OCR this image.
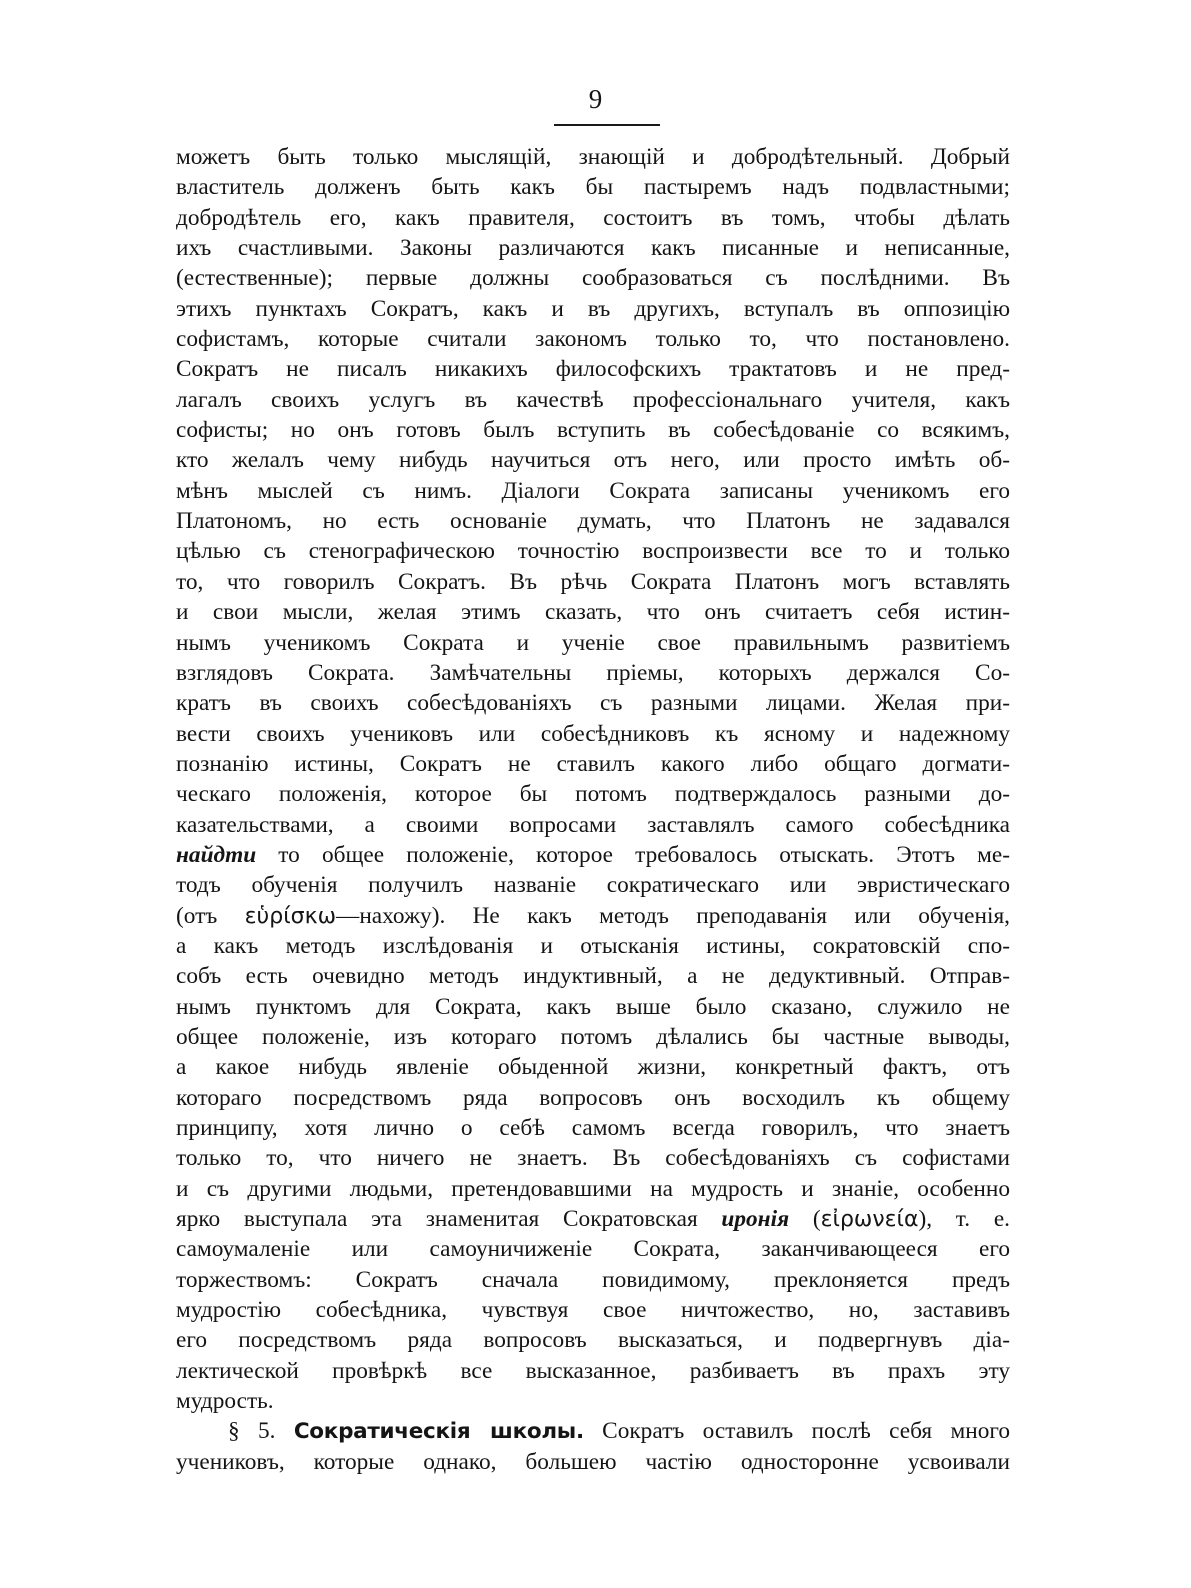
9
можетъ быть только мыслящій, знающій и добродѣтельный. Добрый
властитель долженъ быть какъ бы пастыремъ надъ подвластными;
добродѣтель его, какъ правителя, состоитъ въ томъ, чтобы дѣлать
ихъ счастливыми. Законы различаются какъ писанные и неписанные,
(естественные); первые должны сообразоваться съ послѣдними. Въ
этихъ пунктахъ Сократъ, какъ и въ другихъ, вступалъ въ оппозицію
софистамъ, которые считали закономъ только то, что постановлено.
Сократъ не писалъ никакихъ философскихъ трактатовъ и не пред-
лагалъ своихъ услугъ въ качествѣ профессіональнаго учителя, какъ
софисты; но онъ готовъ былъ вступить въ собесѣдованіе со всякимъ,
кто желалъ чему нибудь научиться отъ него, или просто имѣть об-
мѣнъ мыслей съ нимъ. Діалоги Сократа записаны ученикомъ его
Платономъ, но есть основаніе думать, что Платонъ не задавался
цѣлью съ стенографическою точностію воспроизвести все то и только
то, что говорилъ Сократъ. Въ рѣчь Сократа Платонъ могъ вставлять
и свои мысли, желая этимъ сказать, что онъ считаетъ себя истин-
нымъ ученикомъ Сократа и ученіе свое правильнымъ развитіемъ
взглядовъ Сократа. Замѣчательны пріемы, которыхъ держался Со-
кратъ въ своихъ собесѣдованіяхъ съ разными лицами. Желая при-
вести своихъ учениковъ или собесѣдниковъ къ ясному и надежному
познанію истины, Сократъ не ставилъ какого либо общаго догмати-
ческаго положенія, которое бы потомъ подтверждалось разными до-
казательствами, а своими вопросами заставлялъ самого собесѣдника
найдти то общее положеніе, которое требовалось отыскать. Этотъ ме-
тодъ обученія получилъ названіе сократическаго или эвристическаго
(отъ εὑρίσκω—нахожу). Не какъ методъ преподаванія или обученія,
а какъ методъ изслѣдованія и отысканія истины, сократовскій спо-
собъ есть очевидно методъ индуктивный, а не дедуктивный. Отправ-
нымъ пунктомъ для Сократа, какъ выше было сказано, служило не
общее положеніе, изъ котораго потомъ дѣлались бы частные выводы,
а какое нибудь явленіе обыденной жизни, конкретный фактъ, отъ
котораго посредствомъ ряда вопросовъ онъ восходилъ къ общему
принципу, хотя лично о себѣ самомъ всегда говорилъ, что знаетъ
только то, что ничего не знаетъ. Въ собесѣдованіяхъ съ софистами
и съ другими людьми, претендовавшими на мудрость и знаніе, особенно
ярко выступала эта знаменитая Сократовская иронія (εἰρωνεία), т. е.
самоумаленіе или самоуничиженіе Сократа, заканчивающееся его
торжествомъ: Сократъ сначала повидимому, преклоняется предъ
мудростію собесѣдника, чувствуя свое ничтожество, но, заставивъ
его посредствомъ ряда вопросовъ высказаться, и подвергнувъ діа-
лектической провѣркѣ все высказанное, разбиваетъ въ прахъ эту
мудрость.
§ 5. Сократическія школы. Сократъ оставилъ послѣ себя много
учениковъ, которые однако, большею частію односторонне усвоивали
